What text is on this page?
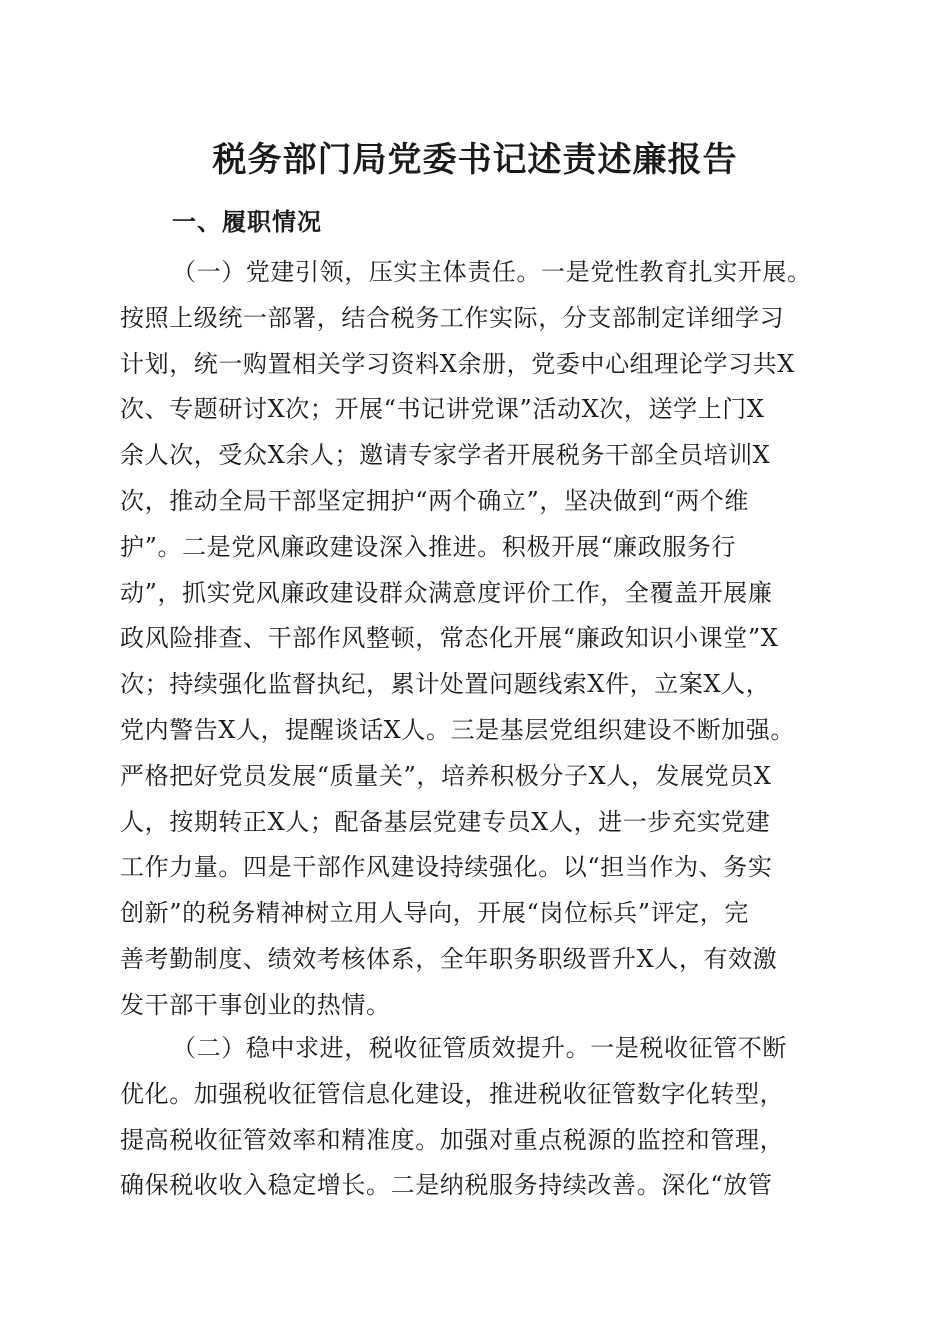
税务部门局党委书记述责述廉报告
一、履职情况
（一）党建引领，压实主体责任。一是党性教育扎实开展。
按照上级统一部署，结合税务工作实际，分支部制定详细学习
计划，统一购置相关学习资料X余册，党委中心组理论学习共X
次、专题研讨X次；开展“书记讲党课”活动X次，送学上门X
余人次，受众X余人；邀请专家学者开展税务干部全员培训X
次，推动全局干部坚定拥护“两个确立”，坚决做到“两个维
护”。二是党风廉政建设深入推进。积极开展“廉政服务行
动”，抓实党风廉政建设群众满意度评价工作，全覆盖开展廉
政风险排查、干部作风整顿，常态化开展“廉政知识小课堂”X
次；持续强化监督执纪，累计处置问题线索X件，立案X人，
党内警告X人，提醒谈话X人。三是基层党组织建设不断加强。
严格把好党员发展“质量关”，培养积极分子X人，发展党员X
人，按期转正X人；配备基层党建专员X人，进一步充实党建
工作力量。四是干部作风建设持续强化。以“担当作为、务实
创新”的税务精神树立用人导向，开展“岗位标兵”评定，完
善考勤制度、绩效考核体系，全年职务职级晋升X人，有效激
发干部干事创业的热情。
（二）稳中求进，税收征管质效提升。一是税收征管不断
优化。加强税收征管信息化建设，推进税收征管数字化转型，
提高税收征管效率和精准度。加强对重点税源的监控和管理，
确保税收收入稳定增长。二是纳税服务持续改善。深化“放管
